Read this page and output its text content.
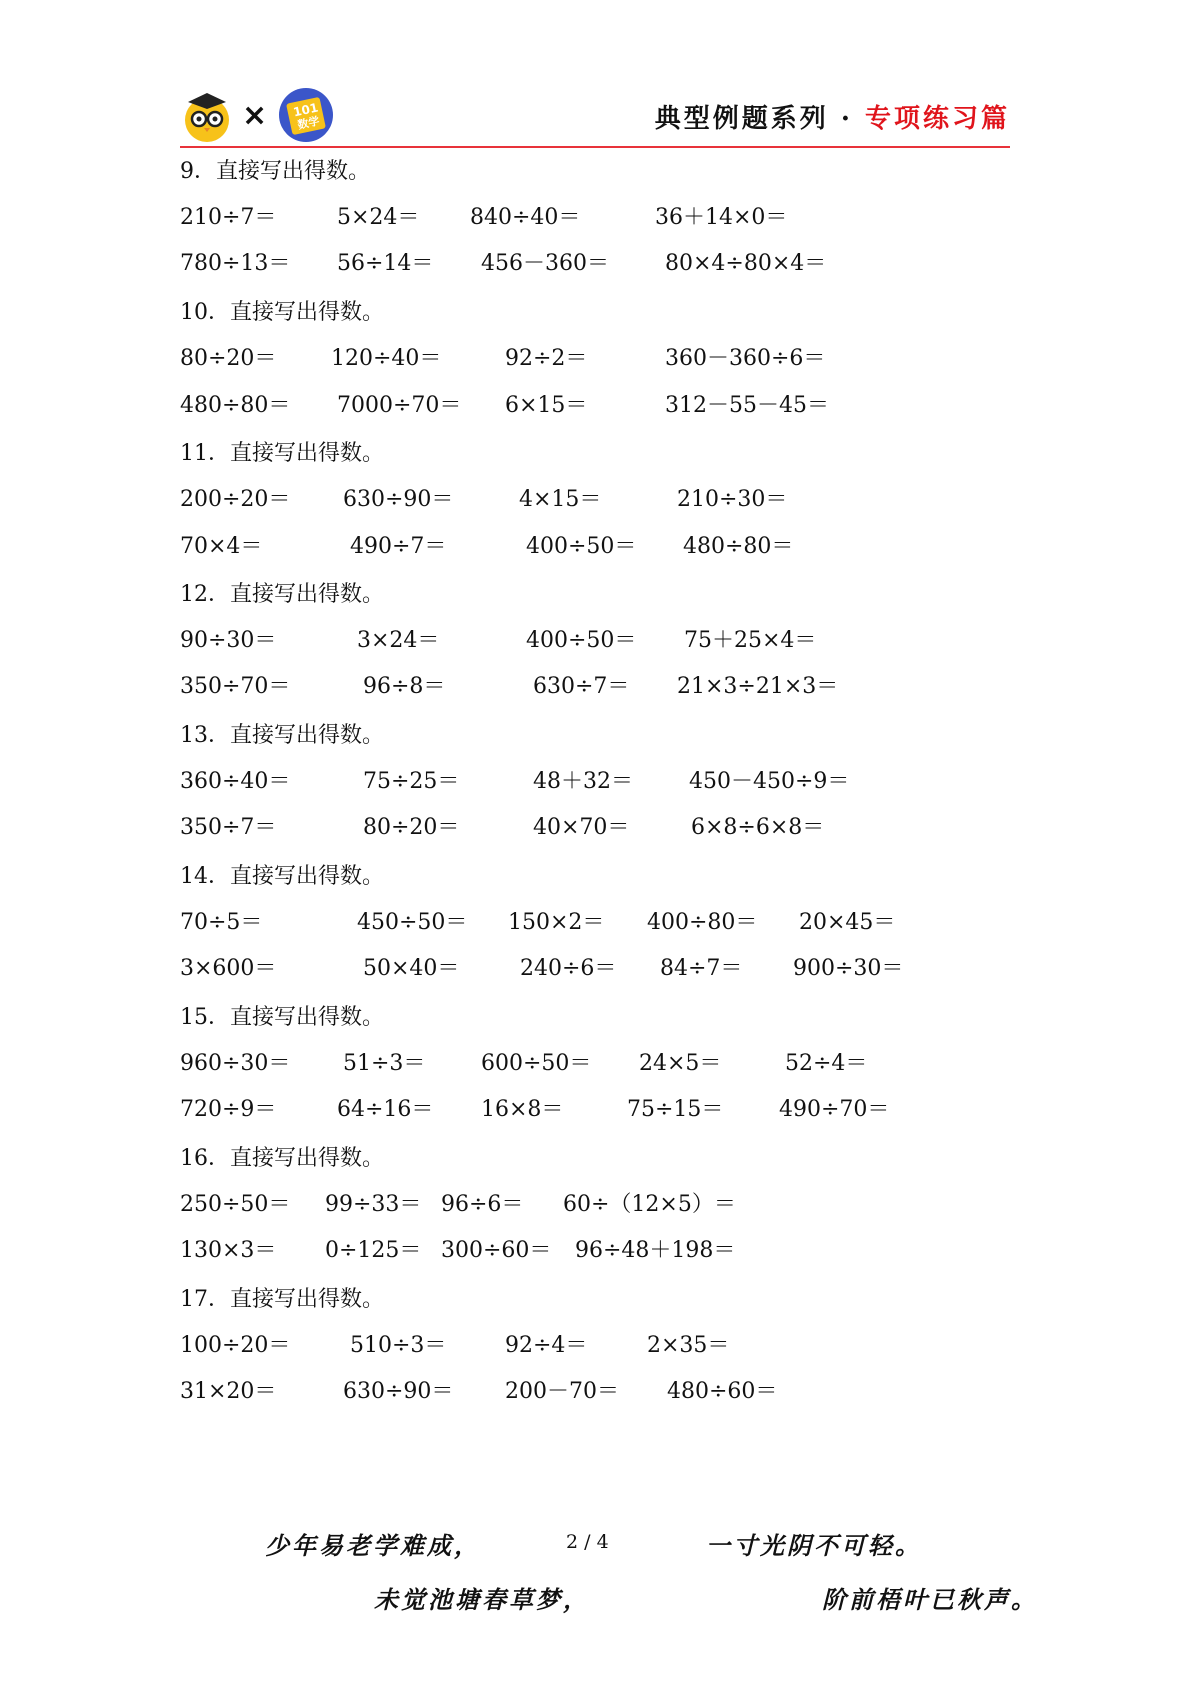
× 101
数学	典型例题系列 · 专项练习篇
9．直接写出得数。
210÷7＝	5×24＝ 840÷40＝	36＋14×0＝
780÷13＝ 56÷14＝ 456－360＝	80×4÷80×4＝
10．直接写出得数。
80÷20＝ 120÷40＝	92÷2＝	360－360÷6＝
480÷80＝ 7000÷70＝ 6×15＝	312－55－45＝
11．直接写出得数。
200÷20＝ 630÷90＝	4×15＝	210÷30＝
70×4＝	490÷7＝	400÷50＝ 480÷80＝
12．直接写出得数。
90÷30＝	3×24＝	400÷50＝ 75＋25×4＝
350÷70＝	96÷8＝	630÷7＝ 21×3÷21×3＝
13．直接写出得数。
360÷40＝	75÷25＝	48＋32＝	450－450÷9＝
350÷7＝	80÷20＝	40×70＝	6×8÷6×8＝
14．直接写出得数。
70÷5＝	450÷50＝ 150×2＝ 400÷80＝ 20×45＝
3×600＝	50×40＝	240÷6＝ 84÷7＝ 900÷30＝
15．直接写出得数。
960÷30＝ 51÷3＝	600÷50＝ 24×5＝	52÷4＝
720÷9＝	64÷16＝ 16×8＝	75÷15＝	490÷70＝
16．直接写出得数。
250÷50＝ 99÷33＝ 96÷6＝ 60÷（12×5）＝
130×3＝ 0÷125＝ 300÷60＝ 96÷48＋198＝
17．直接写出得数。
100÷20＝	510÷3＝	92÷4＝	2×35＝
31×20＝	630÷90＝ 200－70＝ 480÷60＝
少年易老学难成，	2 / 4	一寸光阴不可轻。
未觉池塘春草梦，	阶前梧叶已秋声。
